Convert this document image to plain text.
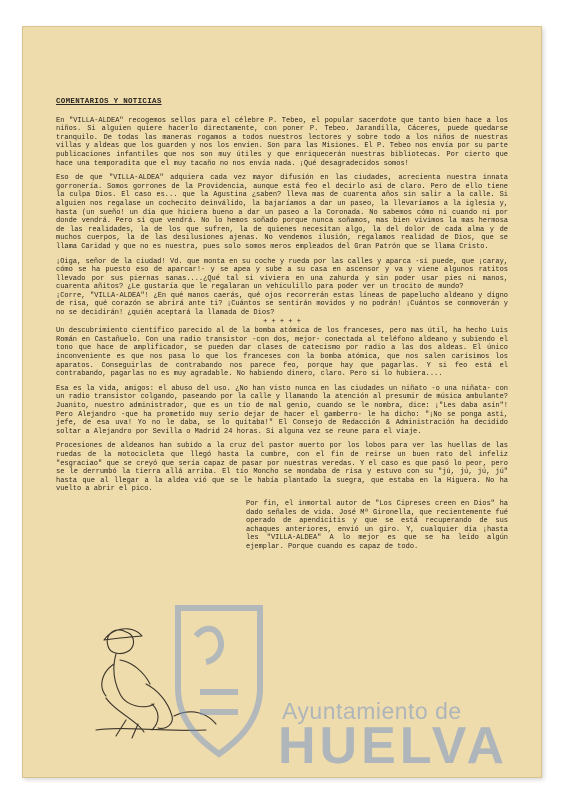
COMENTARIOS Y NOTICIAS
En "VILLA-ALDEA" recogemos sellos para el célebre P. Tebeo, el popular sacerdote que tanto bien hace a los niños. Si alguien quiere hacerlo directamente, con poner P. Tebeo. Jarandilla, Cáceres, puede quedarse tranquilo. De todas las maneras rogamos a todos nuestros lectores y sobre todo a los niños de nuestras villas y aldeas que los guarden y nos los envíen. Son para las Misiones. El P. Tebeo nos envía por su parte publicaciones infantiles que nos son muy útiles y que enriquecerán nuestras bibliotecas. Por cierto que hace una temporadita que el muy tacaño no nos envía nada. ¡Qué desagradecidos somos!
Eso de que "VILLA-ALDEA" adquiera cada vez mayor difusión en las ciudades, acrecienta nuestra innata gorronería. Somos gorrones de la Providencia, aunque está feo el decirlo así de claro. Pero de ello tiene la culpa Dios. El caso es... que la Agustina ¿saben? lleva mas de cuarenta años sin salir a la calle. Si alguien nos regalase un cochecito deinválido, la bajaríamos a dar un paseo, la llevaríamos a la iglesia y, hasta (un sueño! un día que hiciera bueno a dar un paseo a la Coronada. No sabemos cómo ni cuando ni por donde vendrá. Pero sí que vendrá. No lo hemos soñado porque nunca soñamos, mas bien vivimos la mas hermosa de las realidades, la de los que sufren, la de quienes necesitan algo, la del dolor de cada alma y de muchos cuerpos, la de las desilusiones ajenas. No vendemos ilusión, regalamos realidad de Dios, que se llama Caridad y que no es nuestra, pues solo somos meros empleados del Gran Patrón que se llama Cristo.
¡Oiga, señor de la ciudad! Vd. que monta en su coche y rueda por las calles y aparca -si puede, que ¡caray, cómo se ha puesto eso de aparcar!- y se apea y sube a su casa en ascensor y va y viene algunos ratitos llevado por sus piernas sanas....¿Qué tal si viviera en una zahurda y sin poder usar pies ni manos, cuarenta añitos? ¿Le gustaría que le regalaran un vehículillo para poder ver un trocito de mundo?
¡Corre, "VILLA-ALDEA"! ¿En qué manos caerás, qué ojos recorrerán estas líneas de papelucho aldeano y digno de risa, qué corazón se abrirá ante ti? ¡Cuántos se sentirán movidos y no podrán! ¡Cuántos se conmoverán y no se decidirán! ¿quién aceptará la llamada de Dios?
+ + + + +
Un descubrimiento científico parecido al de la bomba atómica de los franceses, pero mas útil, ha hecho Luis Román en Castañuelo. Con una radio transistor -con dos, mejor- conectada al teléfono aldeano y subiendo el tono que hace de amplificador, se pueden dar clases de catecismo por radio a las dos aldeas. El único inconveniente es que nos pasa lo que los franceses con la bomba atómica, que nos salen carísimos los aparatos. Conseguirlas de contrabando nos parece feo, porque hay que pagarlas. Y si feo está el contrabando, pagarlas no es muy agradable. No habiendo dinero, claro. Pero si lo hubiera....
Esa es la vida, amigos: el abuso del uso. ¿No han visto nunca en las ciudades un niñato -o una niñata- con un radio transistor colgando, paseando por la calle y llamando la atención al presumir de música ambulante? Juanito, nuestro administrador, que es un tío de mal genio, cuando se le nombra, dice: ¡"Les daba asín"! Pero Alejandro -que ha prometido muy serio dejar de hacer el gamberro- le ha dicho: "¡No se ponga asti, jefe, de esa uva! Yo no le daba, se lo quitaba!" El Consejo de Redacción & Administración ha decidido soltar a Alejandro por Sevilla o Madrid 24 horas. Si alguna vez se reune para el viaje.
Procesiones de aldeanos han subido a la cruz del pastor muerto por los lobos para ver las huellas de las ruedas de la motocicleta que llegó hasta la cumbre, con el fin de reirse un buen rato del infeliz "esgraciao" que se creyó que sería capaz de pasar por nuestras veredas. Y el caso es que pasó lo peor, pero se le derrumbó la tierra allá arriba. El tío Moncho se mondaba de risa y estuvo con su "jú, jú, jú, jú" hasta que al llegar a la aldea vió que se le había plantado la suegra, que estaba en la Higuera. No ha vuelto a abrir el pico.
Por fin, el inmortal autor de "Los Cipreses creen en Dios" ha dado señales de vida. José Mª Gironella, que recientemente fué operado de apendicitis y que se está recuperando de sus achaques anteriores, envió un giro. Y, cualquier día ¡hasta les "VILLA-ALDEA" A lo mejor es que se ha leído algún ejemplar. Porque cuando es capaz de todo.
Ayuntamiento de
HUELVA
